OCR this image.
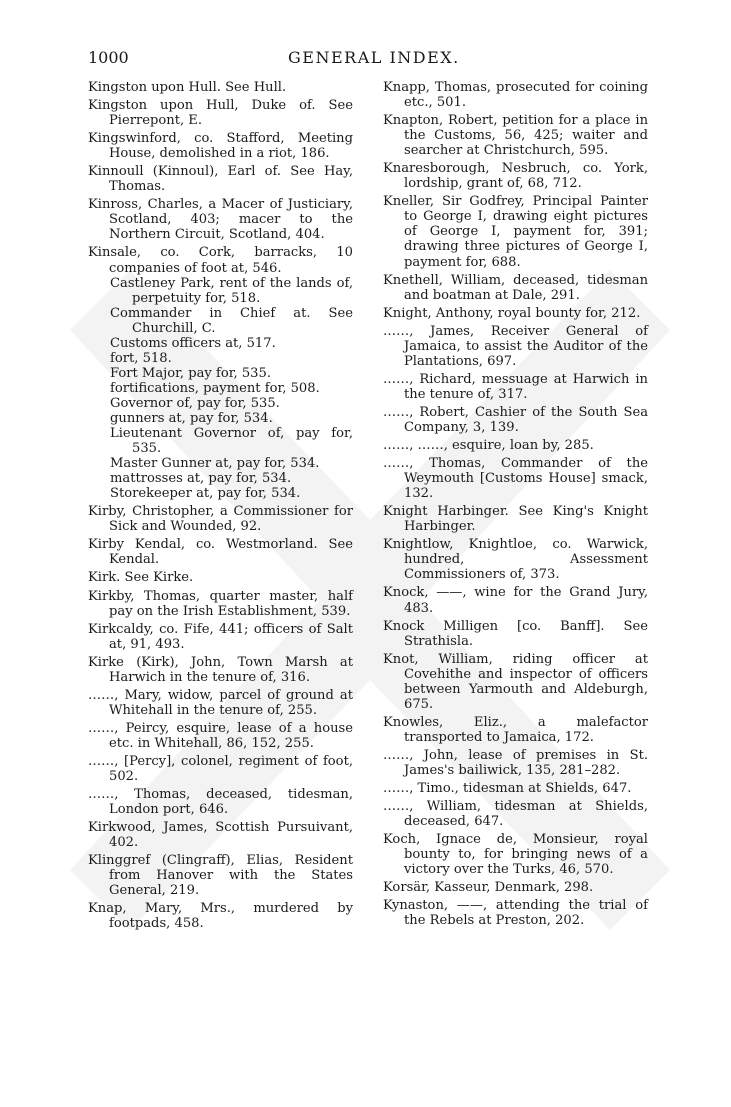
1000	GENERAL INDEX.

Kingston upon Hull. See Hull.

Kingston upon Hull, Duke of. See Pierrepont, E.

Kingswinford, co. Stafford, Meeting House, demolished in a riot, 186.

Kinnoull (Kinnoul), Earl of. See Hay, Thomas.

Kinross, Charles, a Macer of Justiciary, Scotland, 403; macer to the Northern Circuit, Scotland, 404.

Kinsale, co. Cork, barracks, 10 companies of foot at, 546.

Castleney Park, rent of the lands of, perpetuity for, 518.

Commander in Chief at. See Churchill, C.

Customs officers at, 517.

fort, 518.

Fort Major, pay for, 535.

fortifications, payment for, 508.

Governor of, pay for, 535.

gunners at, pay for, 534.

Lieutenant Governor of, pay for, 535.

Master Gunner at, pay for, 534.

mattrosses at, pay for, 534.

Storekeeper at, pay for, 534.

Kirby, Christopher, a Commissioner for Sick and Wounded, 92.

Kirby Kendal, co. Westmorland. See Kendal.

Kirk. See Kirke.

Kirkby, Thomas, quarter master, half pay on the Irish Establishment, 539.

Kirkcaldy, co. Fife, 441; officers of Salt at, 91, 493.

Kirke (Kirk), John, Town Marsh at Harwich in the tenure of, 316.

……, Mary, widow, parcel of ground at Whitehall in the tenure of, 255.

……, Peircy, esquire, lease of a house etc. in Whitehall, 86, 152, 255.

……, [Percy], colonel, regiment of foot, 502.

……, Thomas, deceased, tidesman, London port, 646.

Kirkwood, James, Scottish Pursuivant, 402.

Klinggref (Clingraff), Elias, Resident from Hanover with the States General, 219.

Knap, Mary, Mrs., murdered by footpads, 458.

Knapp, Thomas, prosecuted for coining etc., 501.

Knapton, Robert, petition for a place in the Customs, 56, 425; waiter and searcher at Christchurch, 595.

Knaresborough, Nesbruch, co. York, lordship, grant of, 68, 712.

Kneller, Sir Godfrey, Principal Painter to George I, drawing eight pictures of George I, payment for, 391; drawing three pictures of George I, payment for, 688.

Knethell, William, deceased, tidesman and boatman at Dale, 291.

Knight, Anthony, royal bounty for, 212.

……, James, Receiver General of Jamaica, to assist the Auditor of the Plantations, 697.

……, Richard, messuage at Harwich in the tenure of, 317.

……, Robert, Cashier of the South Sea Company, 3, 139.

……, ……, esquire, loan by, 285.

……, Thomas, Commander of the Weymouth [Customs House] smack, 132.

Knight Harbinger. See King's Knight Harbinger.

Knightlow, Knightloe, co. Warwick, hundred, Assessment Commissioners of, 373.

Knock, ——, wine for the Grand Jury, 483.

Knock Milligen [co. Banff]. See Strathisla.

Knot, William, riding officer at Covehithe and inspector of officers between Yarmouth and Aldeburgh, 675.

Knowles, Eliz., a malefactor transported to Jamaica, 172.

……, John, lease of premises in St. James's bailiwick, 135, 281–282.

……, Timo., tidesman at Shields, 647.

……, William, tidesman at Shields, deceased, 647.

Koch, Ignace de, Monsieur, royal bounty to, for bringing news of a victory over the Turks, 46, 570.

Korsär, Kasseur, Denmark, 298.

Kynaston, ——, attending the trial of the Rebels at Preston, 202.
